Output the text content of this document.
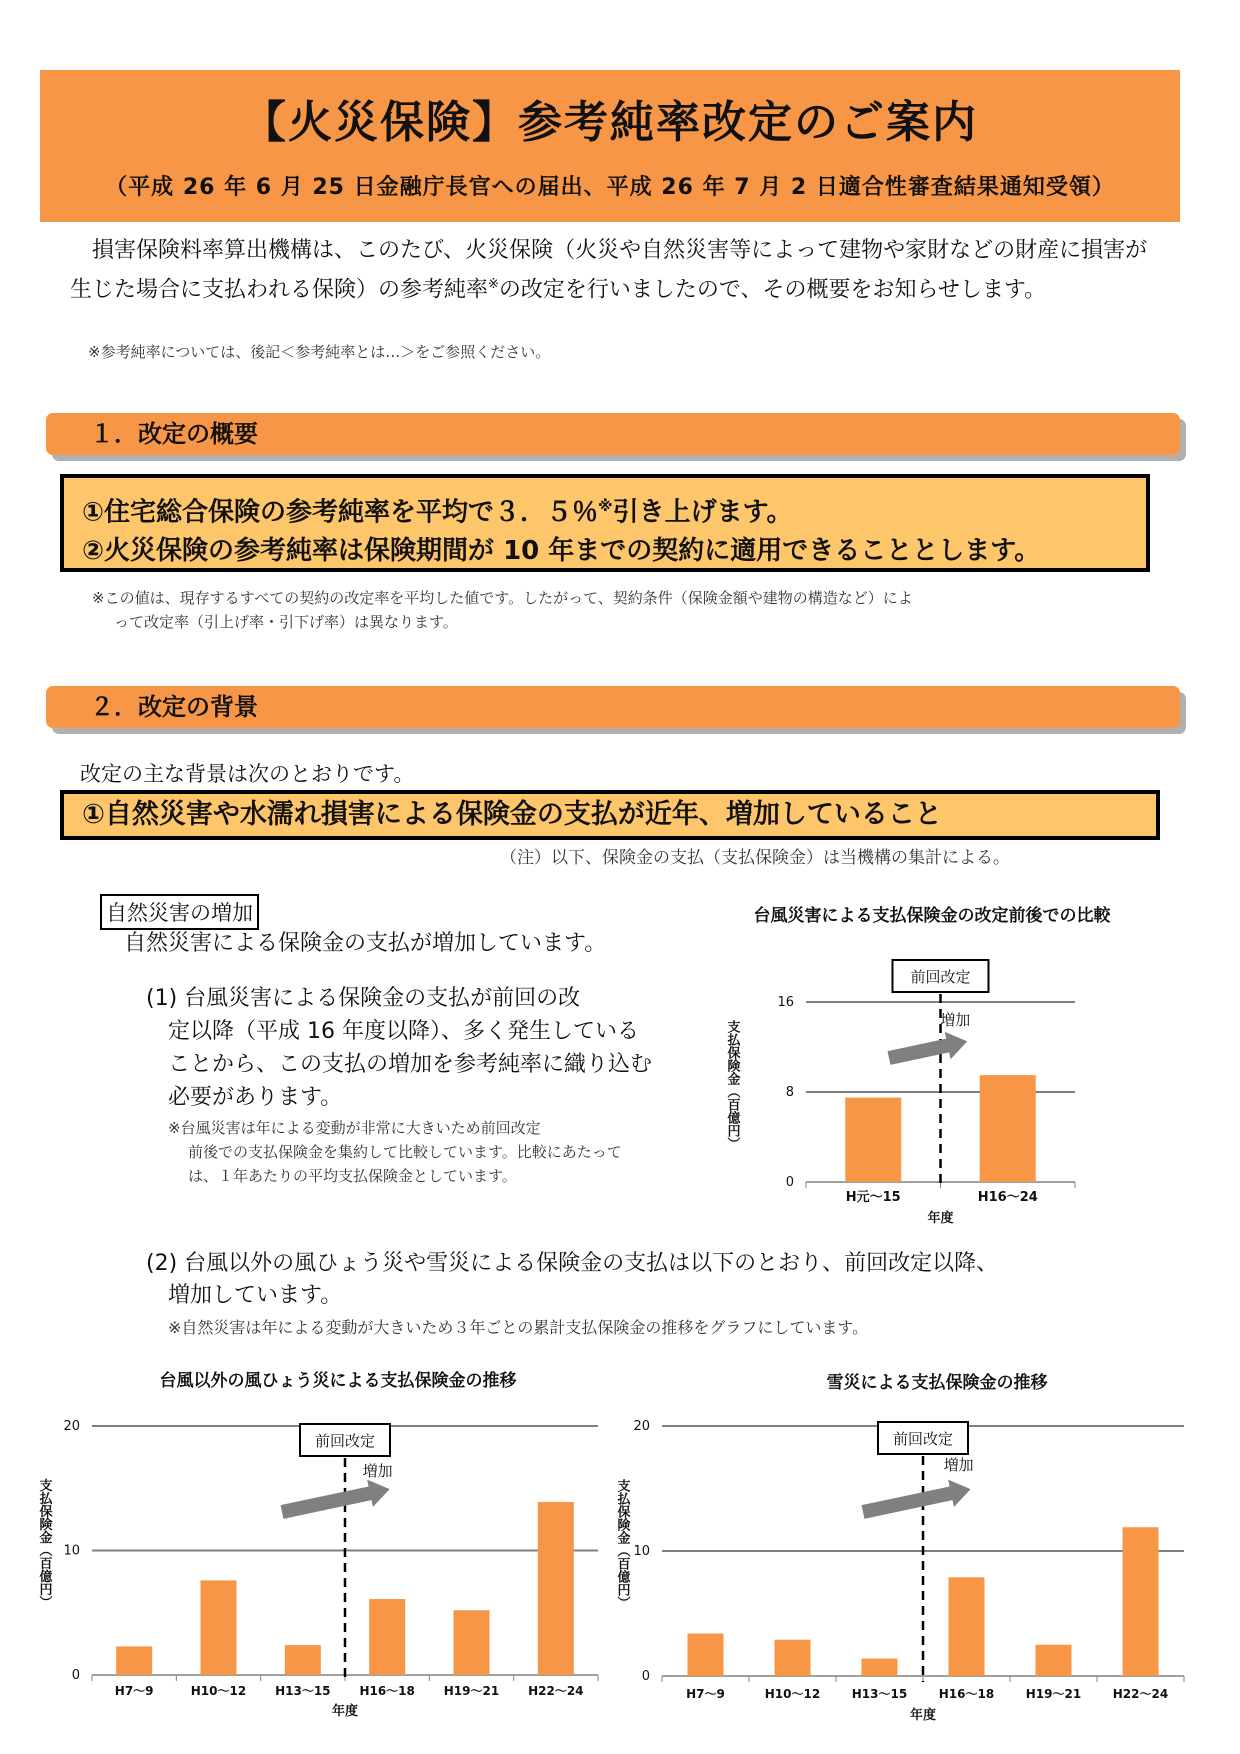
【火災保険】参考純率改定のご案内
（平成 26 年 6 月 25 日金融庁長官への届出、平成 26 年 7 月 2 日適合性審査結果通知受領）

損害保険料率算出機構は、このたび、火災保険（火災や自然災害等によって建物や家財などの財産に損害が生じた場合に支払われる保険）の参考純率※の改定を行いましたので、その概要をお知らせします。

※参考純率については、後記＜参考純率とは…＞をご参照ください。
１．改定の概要
①住宅総合保険の参考純率を平均で３．５％※引き上げます。
②火災保険の参考純率は保険期間が 10 年までの契約に適用できることとします。
※この値は、現存するすべての契約の改定率を平均した値です。したがって、契約条件（保険金額や建物の構造など）によ
って改定率（引上げ率・引下げ率）は異なります。
２．改定の背景
改定の主な背景は次のとおりです。
①自然災害や水濡れ損害による保険金の支払が近年、増加していること
（注）以下、保険金の支払（支払保険金）は当機構の集計による。
自然災害の増加
自然災害による保険金の支払が増加しています。
(1) 台風災害による保険金の支払が前回の改
定以降（平成 16 年度以降）、多く発生していることから、この支払の増加を参考純率に織り込む必要があります。
※台風災害は年による変動が非常に大きいため前回改定
前後での支払保険金を集約して比較しています。比較にあたっては、１年あたりの平均支払保険金としています。
(2) 台風以外の風ひょう災や雪災による保険金の支払は以下のとおり、前回改定以降、
増加しています。
※自然災害は年による変動が大きいため３年ごとの累計支払保険金の推移をグラフにしています。
台風災害による支払保険金の改定前後での比較
0
8
16
H元～15	H16～24
年度
支払保険金（百億円）
前回改定
増加
台風以外の風ひょう災による支払保険金の推移
0
10
20
H7～9	H10～12 H13～15 H16～18 H19～21 H22～24
年度
支払保険金（百億円）
前回改定
増加
雪災による支払保険金の推移
0
10
20
H7～9	H10～12	H13～15	H16～18	H19～21	H22～24
年度
支払保険金（百億円）
前回改定
増加
